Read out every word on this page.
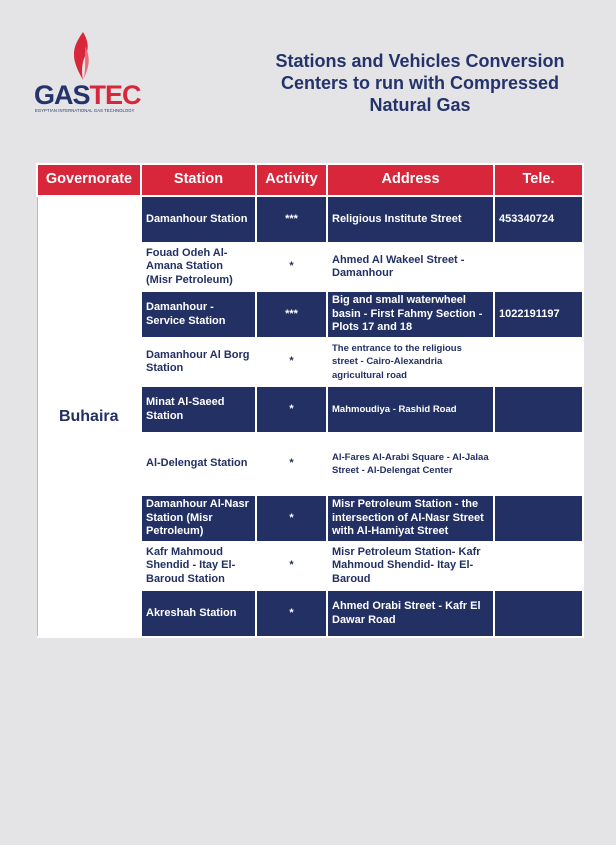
GASTEC
EGYPTIAN INTERNATIONAL GAS TECHNOLOGY
Stations and Vehicles Conversion
Centers to run with Compressed
Natural Gas
Governorate	Station	Activity	Address	Tele.
Buhaira	Damanhour Station	***	Religious Institute Street	453340724
	Fouad Odeh Al-Amana Station (Misr Petroleum)	*	Ahmed Al Wakeel Street -Damanhour	
	Damanhour - Service Station	***	Big and small waterwheel basin - First Fahmy Section - Plots 17 and 18	1022191197
	Damanhour Al Borg Station	*	The entrance to the religious street - Cairo-Alexandria agricultural road	
	Minat Al-Saeed Station	*	Mahmoudiya - Rashid Road	
	Al-Delengat Station	*	Al-Fares Al-Arabi Square - Al-Jalaa Street - Al-Delengat Center	
	Damanhour Al-Nasr Station (Misr Petroleum)	*	Misr Petroleum Station - the intersection of Al-Nasr Street with Al-Hamiyat Street	
	Kafr Mahmoud Shendid - Itay El-Baroud Station	*	Misr Petroleum Station- Kafr Mahmoud Shendid- Itay El-Baroud	
	Akreshah Station	*	Ahmed Orabi Street - Kafr El Dawar Road	
